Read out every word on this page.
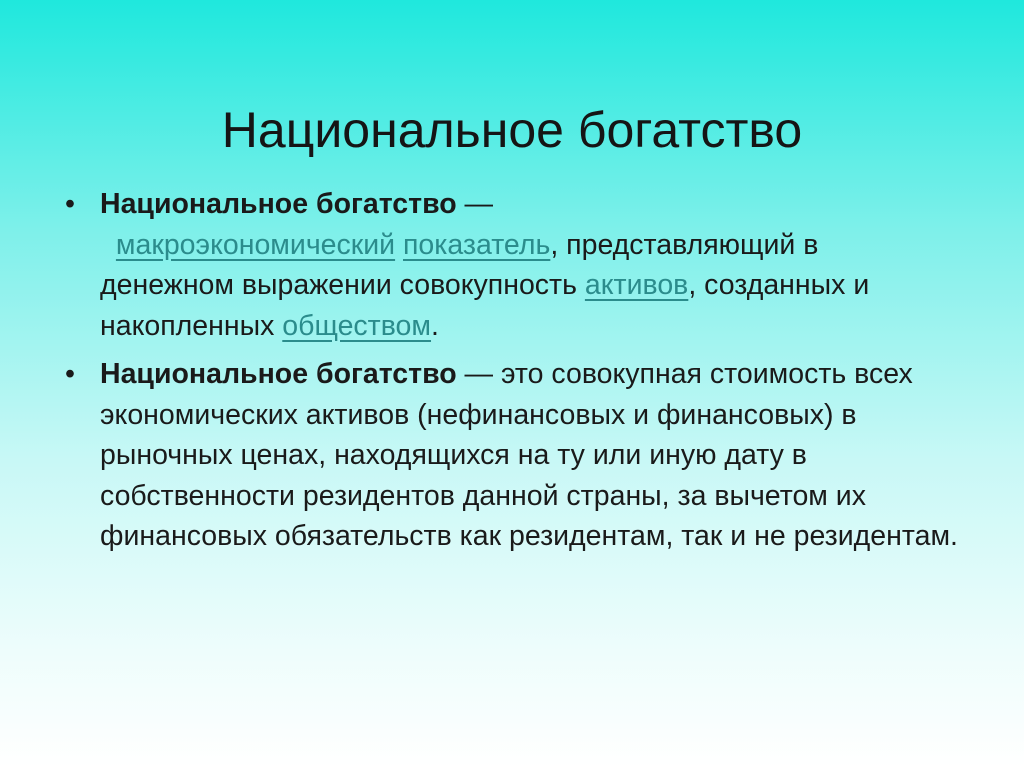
Национальное богатство
• Национальное богатство —
макроэкономический показатель, представляющий в денежном выражении совокупность активов, созданных и накопленных обществом.
• Национальное богатство — это совокупная стоимость всех экономических активов (нефинансовых и финансовых) в рыночных ценах, находящихся на ту или иную дату в собственности резидентов данной страны, за вычетом их финансовых обязательств как резидентам, так и не резидентам.
